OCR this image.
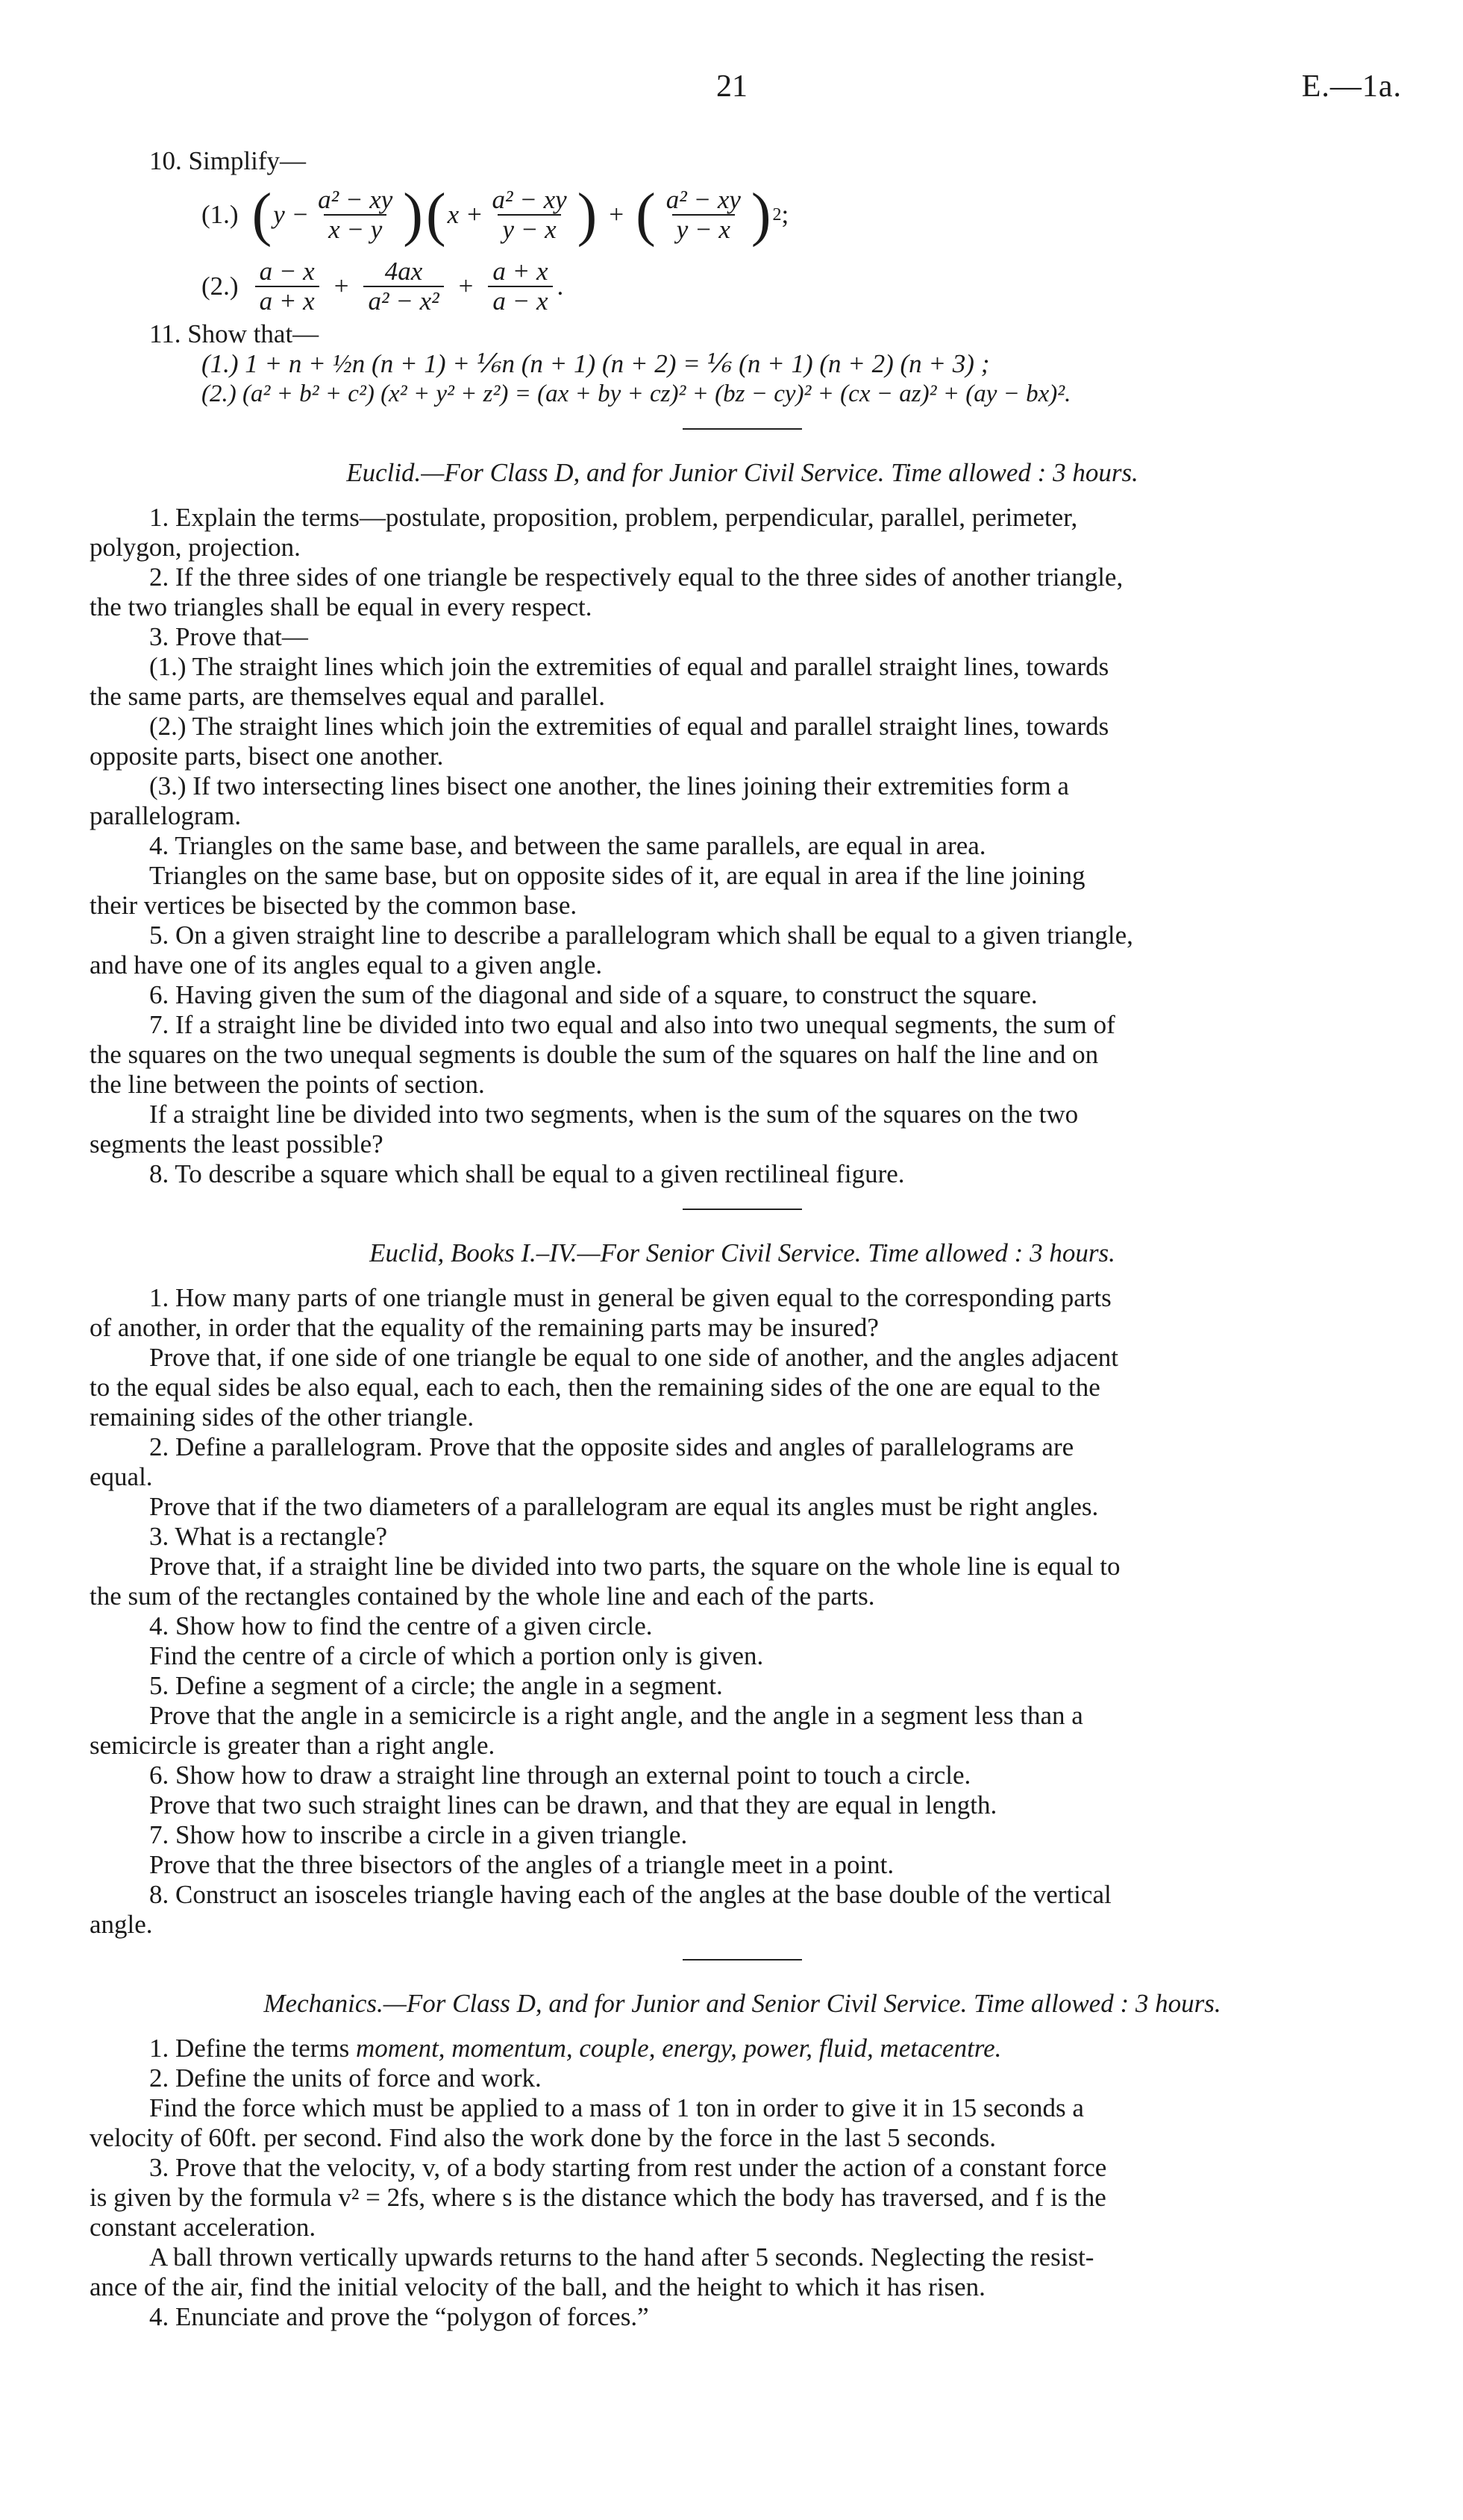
21	E.—1a.

10. Simplify—

(1.) ( $y - \frac{\text{a² − xy}}{x - y}$ ) ( $x + \frac{\text{a² − xy}}{y - x}$ ) + ( $\frac{\text{a² − xy}}{y - x}$ ) 2 ;
$(2.) \frac{a - x}{a + x} + \frac{4ax}{\text{a² − x²}} + \frac{a + x}{a - x}$ .

11. Show that—

(1.) 1 + n + ½n (n + 1) + ⅙n (n + 1) (n + 2) = ⅙ (n + 1) (n + 2) (n + 3) ;

(2.) (a² + b² + c²) (x² + y² + z²) = (ax + by + cz)² + (bz − cy)² + (cx − az)² + (ay − bx)².

Euclid.—For Class D, and for Junior Civil Service. Time allowed : 3 hours.

1. Explain the terms—postulate, proposition, problem, perpendicular, parallel, perimeter,

polygon, projection.

2. If the three sides of one triangle be respectively equal to the three sides of another triangle,

the two triangles shall be equal in every respect.

3. Prove that—

(1.) The straight lines which join the extremities of equal and parallel straight lines, towards

the same parts, are themselves equal and parallel.

(2.) The straight lines which join the extremities of equal and parallel straight lines, towards

opposite parts, bisect one another.

(3.) If two intersecting lines bisect one another, the lines joining their extremities form a

parallelogram.

4. Triangles on the same base, and between the same parallels, are equal in area.

Triangles on the same base, but on opposite sides of it, are equal in area if the line joining

their vertices be bisected by the common base.

5. On a given straight line to describe a parallelogram which shall be equal to a given triangle,

and have one of its angles equal to a given angle.

6. Having given the sum of the diagonal and side of a square, to construct the square.

7. If a straight line be divided into two equal and also into two unequal segments, the sum of

the squares on the two unequal segments is double the sum of the squares on half the line and on

the line between the points of section.

If a straight line be divided into two segments, when is the sum of the squares on the two

segments the least possible?

8. To describe a square which shall be equal to a given rectilineal figure.

Euclid, Books I.–IV.—For Senior Civil Service. Time allowed : 3 hours.

1. How many parts of one triangle must in general be given equal to the corresponding parts

of another, in order that the equality of the remaining parts may be insured?

Prove that, if one side of one triangle be equal to one side of another, and the angles adjacent

to the equal sides be also equal, each to each, then the remaining sides of the one are equal to the

remaining sides of the other triangle.

2. Define a parallelogram. Prove that the opposite sides and angles of parallelograms are

equal.

Prove that if the two diameters of a parallelogram are equal its angles must be right angles.

3. What is a rectangle?

Prove that, if a straight line be divided into two parts, the square on the whole line is equal to

the sum of the rectangles contained by the whole line and each of the parts.

4. Show how to find the centre of a given circle.

Find the centre of a circle of which a portion only is given.

5. Define a segment of a circle; the angle in a segment.

Prove that the angle in a semicircle is a right angle, and the angle in a segment less than a

semicircle is greater than a right angle.

6. Show how to draw a straight line through an external point to touch a circle.

Prove that two such straight lines can be drawn, and that they are equal in length.

7. Show how to inscribe a circle in a given triangle.

Prove that the three bisectors of the angles of a triangle meet in a point.

8. Construct an isosceles triangle having each of the angles at the base double of the vertical

angle.

Mechanics.—For Class D, and for Junior and Senior Civil Service. Time allowed : 3 hours.

1. Define the terms moment, momentum, couple, energy, power, fluid, metacentre.

2. Define the units of force and work.

Find the force which must be applied to a mass of 1 ton in order to give it in 15 seconds a

velocity of 60ft. per second. Find also the work done by the force in the last 5 seconds.

3. Prove that the velocity, v, of a body starting from rest under the action of a constant force

is given by the formula v² = 2fs, where s is the distance which the body has traversed, and f is the

constant acceleration.

A ball thrown vertically upwards returns to the hand after 5 seconds. Neglecting the resist-

ance of the air, find the initial velocity of the ball, and the height to which it has risen.

4. Enunciate and prove the “polygon of forces.”
